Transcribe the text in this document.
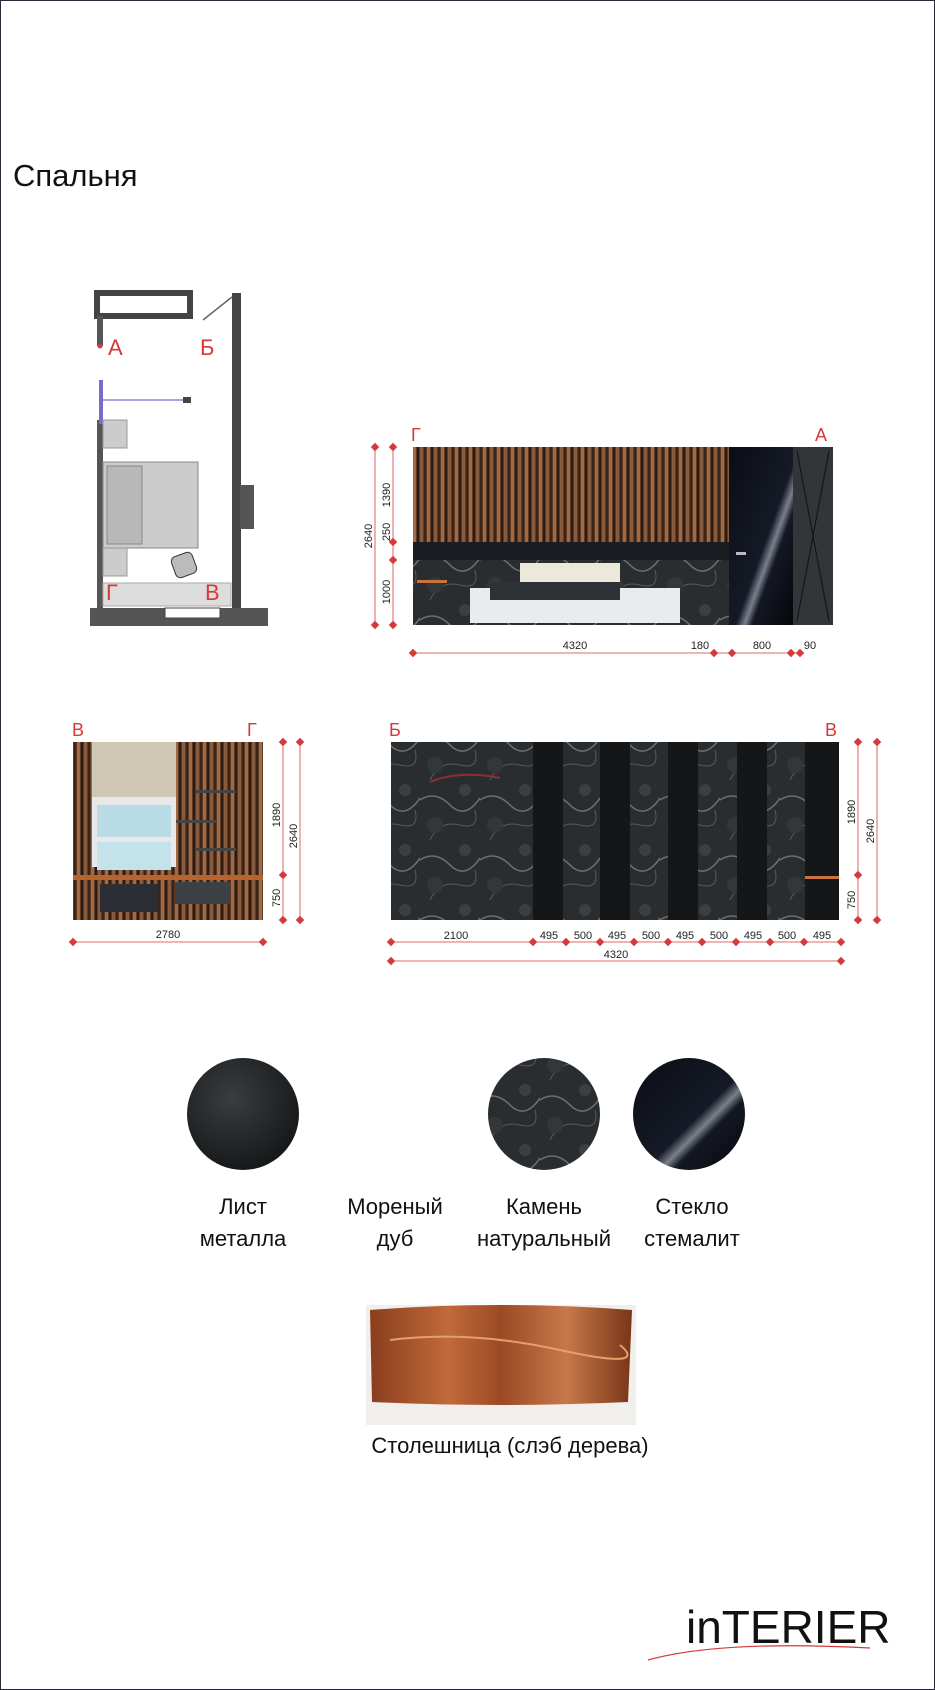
Спальня
А	Б
Г	В
Г	А
2640
1390
250
1000
4320	180	800	90
В	Г
1890
2640
750
2780
Б	В
1890
2640
750
2100	495 500 495 500 495 500 495 500 495
4320
Лист
металла
Мореный
дуб
Камень
натуральный
Стекло
стемалит
Столешница (слэб дерева)
inTERIER
